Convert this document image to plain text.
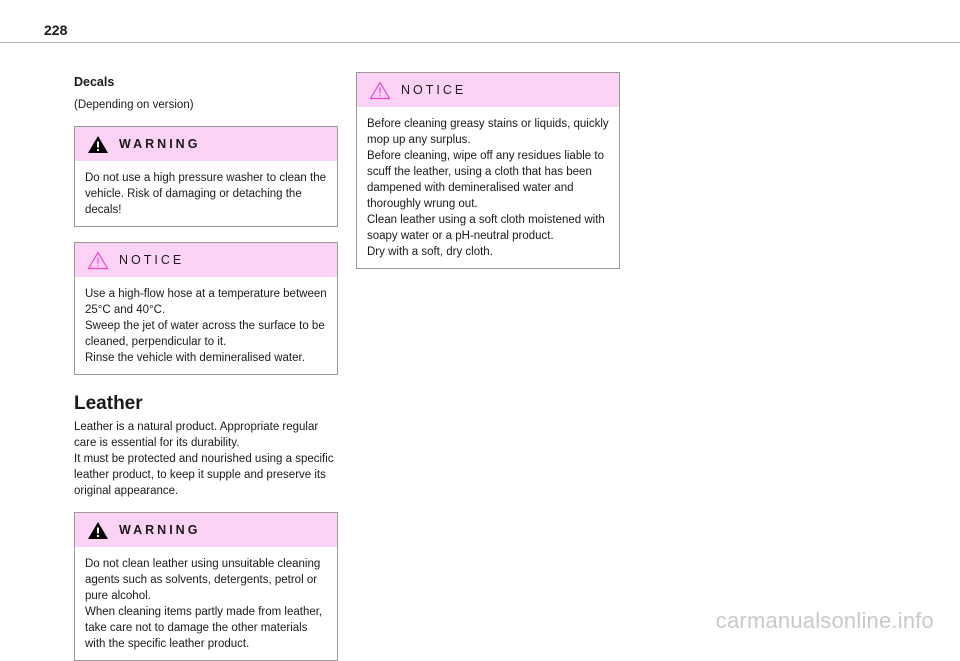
228
Decals

(Depending on version)

WARNING

Do not use a high pressure washer to clean the vehicle. Risk of damaging or detaching the decals!

NOTICE

Use a high-flow hose at a temperature between 25°C and 40°C.
Sweep the jet of water across the surface to be cleaned, perpendicular to it.
Rinse the vehicle with demineralised water.

Leather

Leather is a natural product. Appropriate regular care is essential for its durability.
It must be protected and nourished using a specific leather product, to keep it supple and preserve its original appearance.

WARNING

Do not clean leather using unsuitable cleaning agents such as solvents, detergents, petrol or pure alcohol.
When cleaning items partly made from leather, take care not to damage the other materials with the specific leather product.

NOTICE

Before cleaning greasy stains or liquids, quickly mop up any surplus.
Before cleaning, wipe off any residues liable to scuff the leather, using a cloth that has been dampened with demineralised water and thoroughly wrung out.
Clean leather using a soft cloth moistened with soapy water or a pH-neutral product.
Dry with a soft, dry cloth.

carmanualsonline.info
